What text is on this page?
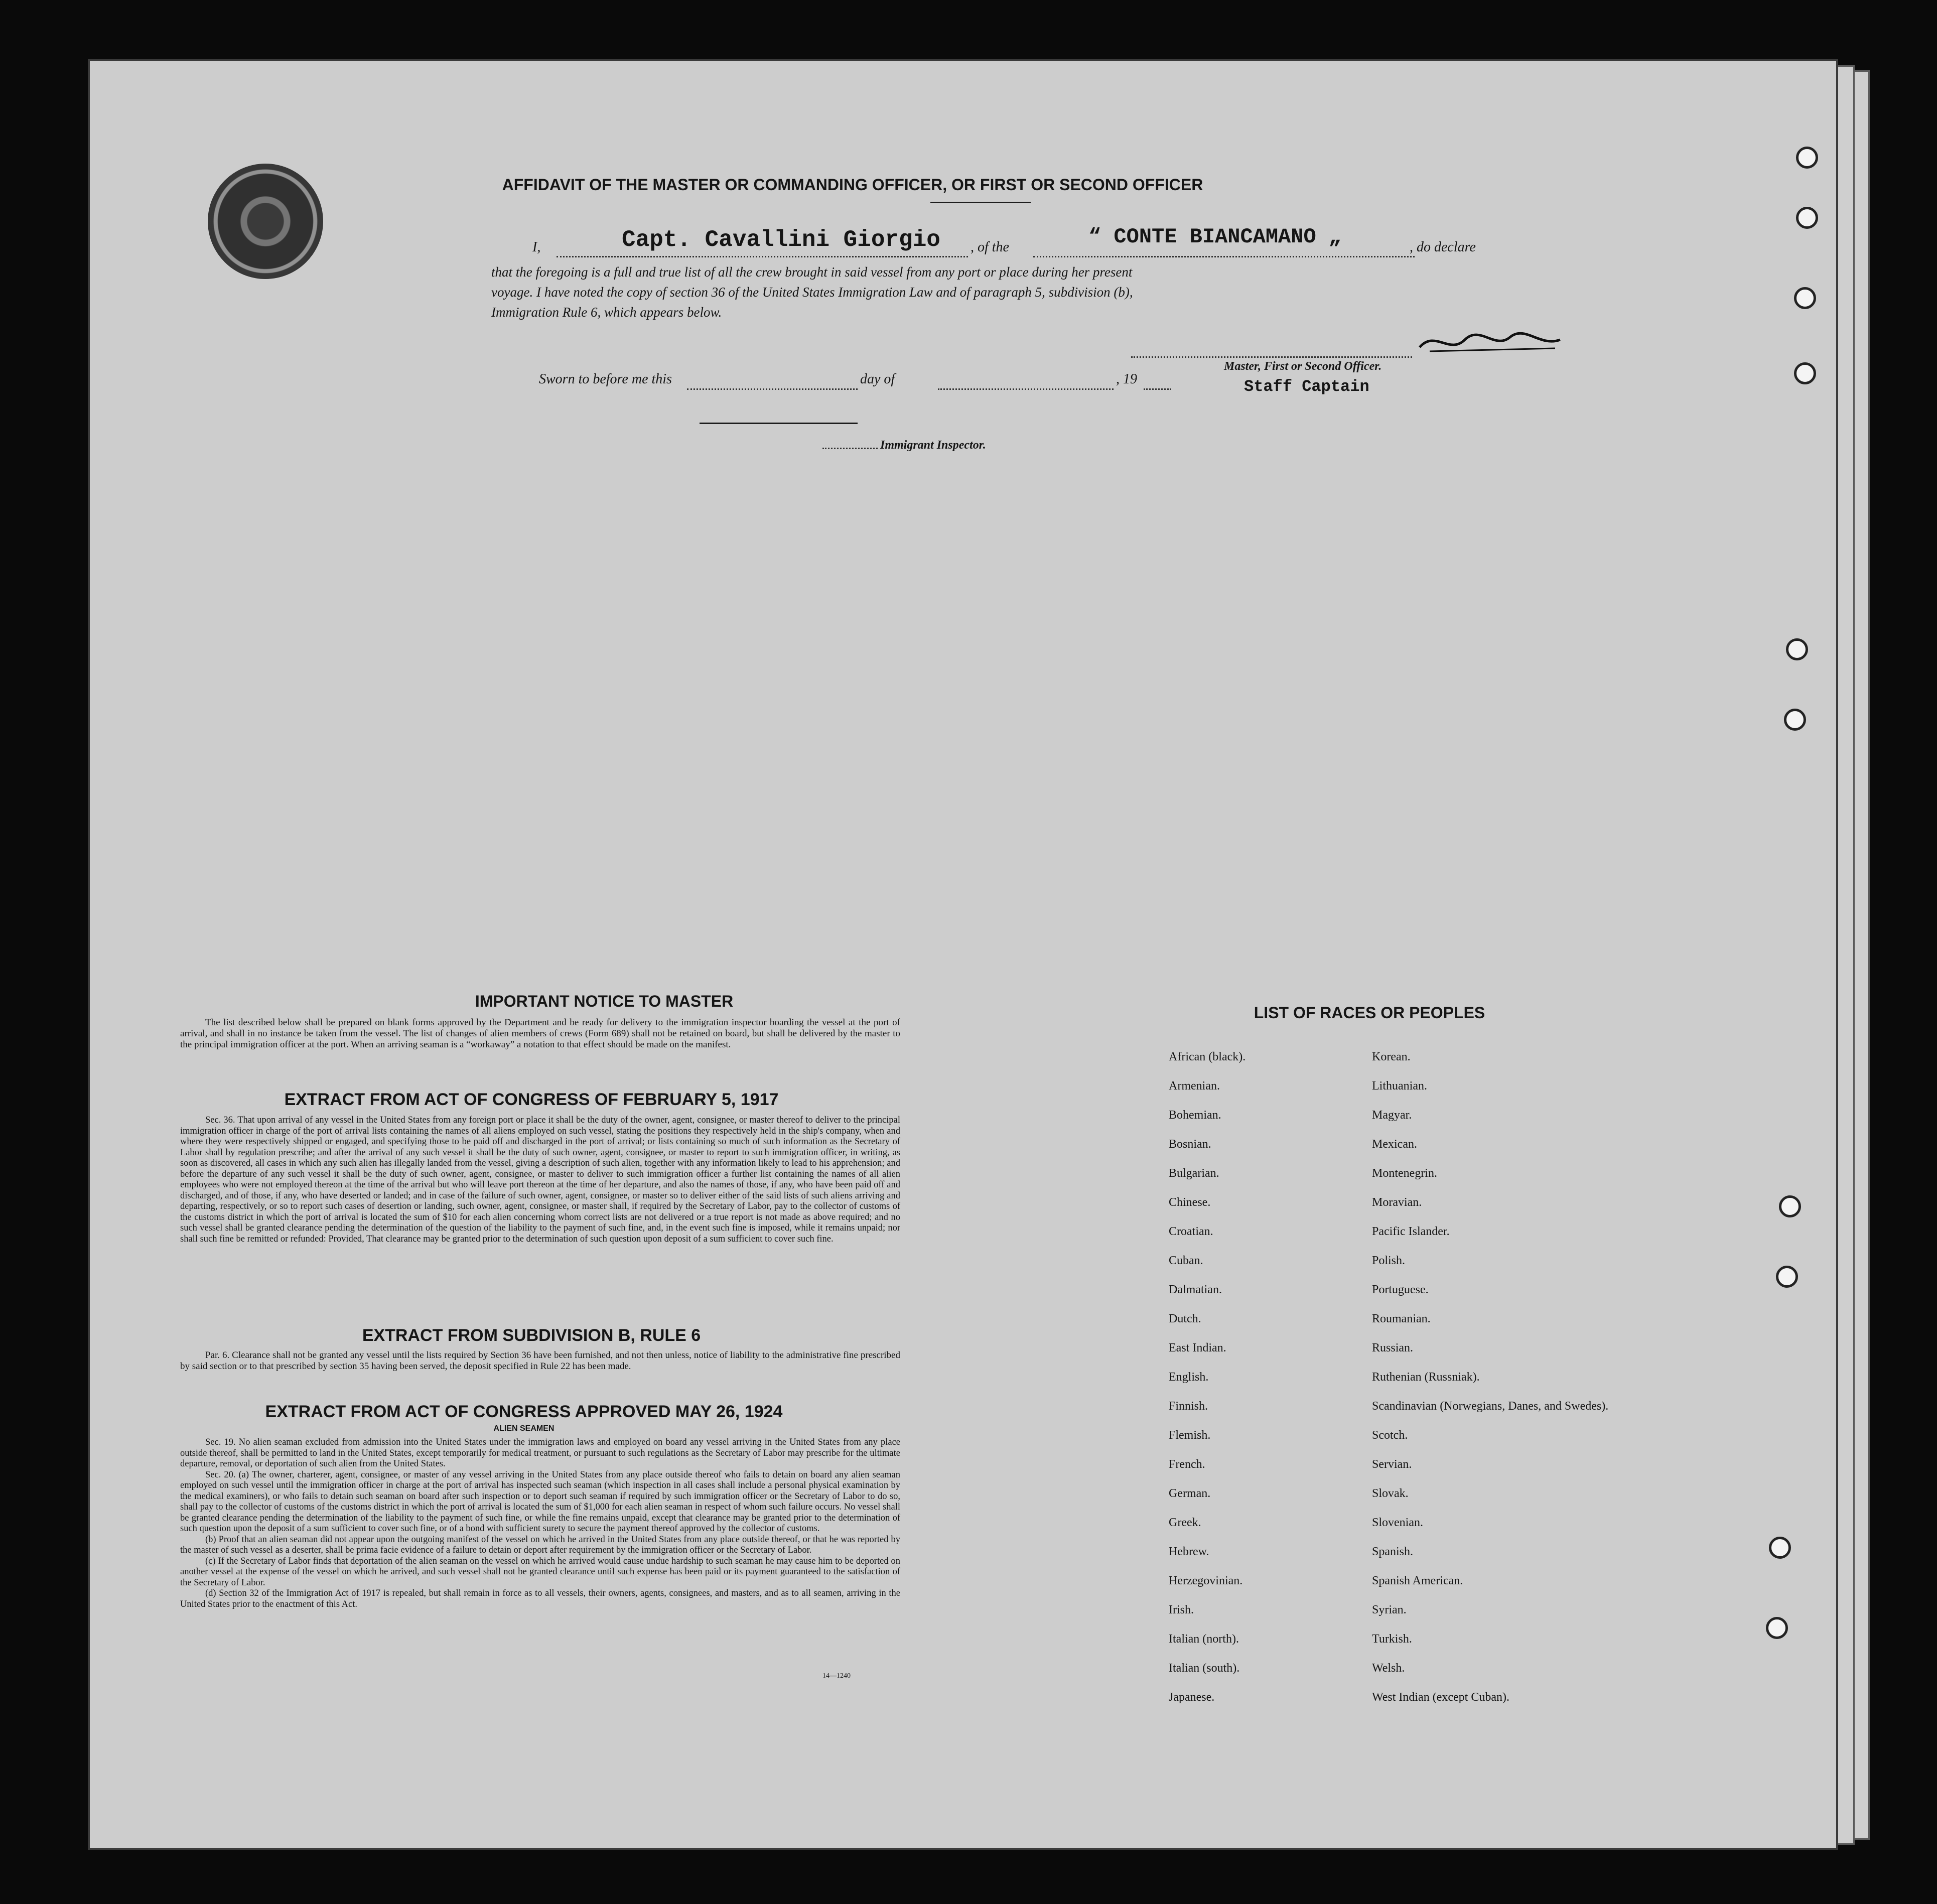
AFFIDAVIT OF THE MASTER OR COMMANDING OFFICER, OR FIRST OR SECOND OFFICER
I,	Capt. Cavallini Giorgio , of the	“ CONTE BIANCAMANO „	, do declare
that the foregoing is a full and true list of all the crew brought in said vessel from any port or place during her present
voyage. I have noted the copy of section 36 of the United States Immigration Law and of paragraph 5, subdivision (b),
Immigration Rule 6, which appears below.
Master, First or Second Officer.
Staff Captain
Sworn to before me this	day of	, 19
Immigrant Inspector.
IMPORTANT NOTICE TO MASTER
The list described below shall be prepared on blank forms approved by the Department and be ready for delivery to the immigration inspector boarding the vessel at the port of arrival, and shall in no instance be taken from the vessel. The list of changes of alien members of crews (Form 689) shall not be retained on board, but shall be delivered by the master to the principal immigration officer at the port. When an arriving seaman is a “workaway” a notation to that effect should be made on the manifest.
EXTRACT FROM ACT OF CONGRESS OF FEBRUARY 5, 1917
Sec. 36. That upon arrival of any vessel in the United States from any foreign port or place it shall be the duty of the owner, agent, consignee, or master thereof to deliver to the principal immigration officer in charge of the port of arrival lists containing the names of all aliens employed on such vessel, stating the positions they respectively held in the ship's company, when and where they were respectively shipped or engaged, and specifying those to be paid off and discharged in the port of arrival; or lists containing so much of such information as the Secretary of Labor shall by regulation prescribe; and after the arrival of any such vessel it shall be the duty of such owner, agent, consignee, or master to report to such immigration officer, in writing, as soon as discovered, all cases in which any such alien has illegally landed from the vessel, giving a description of such alien, together with any information likely to lead to his apprehension; and before the departure of any such vessel it shall be the duty of such owner, agent, consignee, or master to deliver to such immigration officer a further list containing the names of all alien employees who were not employed thereon at the time of the arrival but who will leave port thereon at the time of her departure, and also the names of those, if any, who have been paid off and discharged, and of those, if any, who have deserted or landed; and in case of the failure of such owner, agent, consignee, or master so to deliver either of the said lists of such aliens arriving and departing, respectively, or so to report such cases of desertion or landing, such owner, agent, consignee, or master shall, if required by the Secretary of Labor, pay to the collector of customs of the customs district in which the port of arrival is located the sum of $10 for each alien concerning whom correct lists are not delivered or a true report is not made as above required; and no such vessel shall be granted clearance pending the determination of the question of the liability to the payment of such fine, and, in the event such fine is imposed, while it remains unpaid; nor shall such fine be remitted or refunded: Provided, That clearance may be granted prior to the determination of such question upon deposit of a sum sufficient to cover such fine.
EXTRACT FROM SUBDIVISION B, RULE 6
Par. 6. Clearance shall not be granted any vessel until the lists required by Section 36 have been furnished, and not then unless, notice of liability to the administrative fine prescribed by said section or to that prescribed by section 35 having been served, the deposit specified in Rule 22 has been made.
EXTRACT FROM ACT OF CONGRESS APPROVED MAY 26, 1924
ALIEN SEAMEN
Sec. 19. No alien seaman excluded from admission into the United States under the immigration laws and employed on board any vessel arriving in the United States from any place outside thereof, shall be permitted to land in the United States, except temporarily for medical treatment, or pursuant to such regulations as the Secretary of Labor may prescribe for the ultimate departure, removal, or deportation of such alien from the United States.
Sec. 20. (a) The owner, charterer, agent, consignee, or master of any vessel arriving in the United States from any place outside thereof who fails to detain on board any alien seaman employed on such vessel until the immigration officer in charge at the port of arrival has inspected such seaman (which inspection in all cases shall include a personal physical examination by the medical examiners), or who fails to detain such seaman on board after such inspection or to deport such seaman if required by such immigration officer or the Secretary of Labor to do so, shall pay to the collector of customs of the customs district in which the port of arrival is located the sum of $1,000 for each alien seaman in respect of whom such failure occurs. No vessel shall be granted clearance pending the determination of the liability to the payment of such fine, or while the fine remains unpaid, except that clearance may be granted prior to the determination of such question upon the deposit of a sum sufficient to cover such fine, or of a bond with sufficient surety to secure the payment thereof approved by the collector of customs.
(b) Proof that an alien seaman did not appear upon the outgoing manifest of the vessel on which he arrived in the United States from any place outside thereof, or that he was reported by the master of such vessel as a deserter, shall be prima facie evidence of a failure to detain or deport after requirement by the immigration officer or the Secretary of Labor.
(c) If the Secretary of Labor finds that deportation of the alien seaman on the vessel on which he arrived would cause undue hardship to such seaman he may cause him to be deported on another vessel at the expense of the vessel on which he arrived, and such vessel shall not be granted clearance until such expense has been paid or its payment guaranteed to the satisfaction of the Secretary of Labor.
(d) Section 32 of the Immigration Act of 1917 is repealed, but shall remain in force as to all vessels, their owners, agents, consignees, and masters, and as to all seamen, arriving in the United States prior to the enactment of this Act.
14—1240
LIST OF RACES OR PEOPLES
African (black).
Armenian.
Bohemian.
Bosnian.
Bulgarian.
Chinese.
Croatian.
Cuban.
Dalmatian.
Dutch.
East Indian.
English.
Finnish.
Flemish.
French.
German.
Greek.
Hebrew.
Herzegovinian.
Irish.
Italian (north).
Italian (south).
Japanese.
Korean.
Lithuanian.
Magyar.
Mexican.
Montenegrin.
Moravian.
Pacific Islander.
Polish.
Portuguese.
Roumanian.
Russian.
Ruthenian (Russniak).
Scandinavian (Norwegians, Danes, and Swedes).
Scotch.
Servian.
Slovak.
Slovenian.
Spanish.
Spanish American.
Syrian.
Turkish.
Welsh.
West Indian (except Cuban).
